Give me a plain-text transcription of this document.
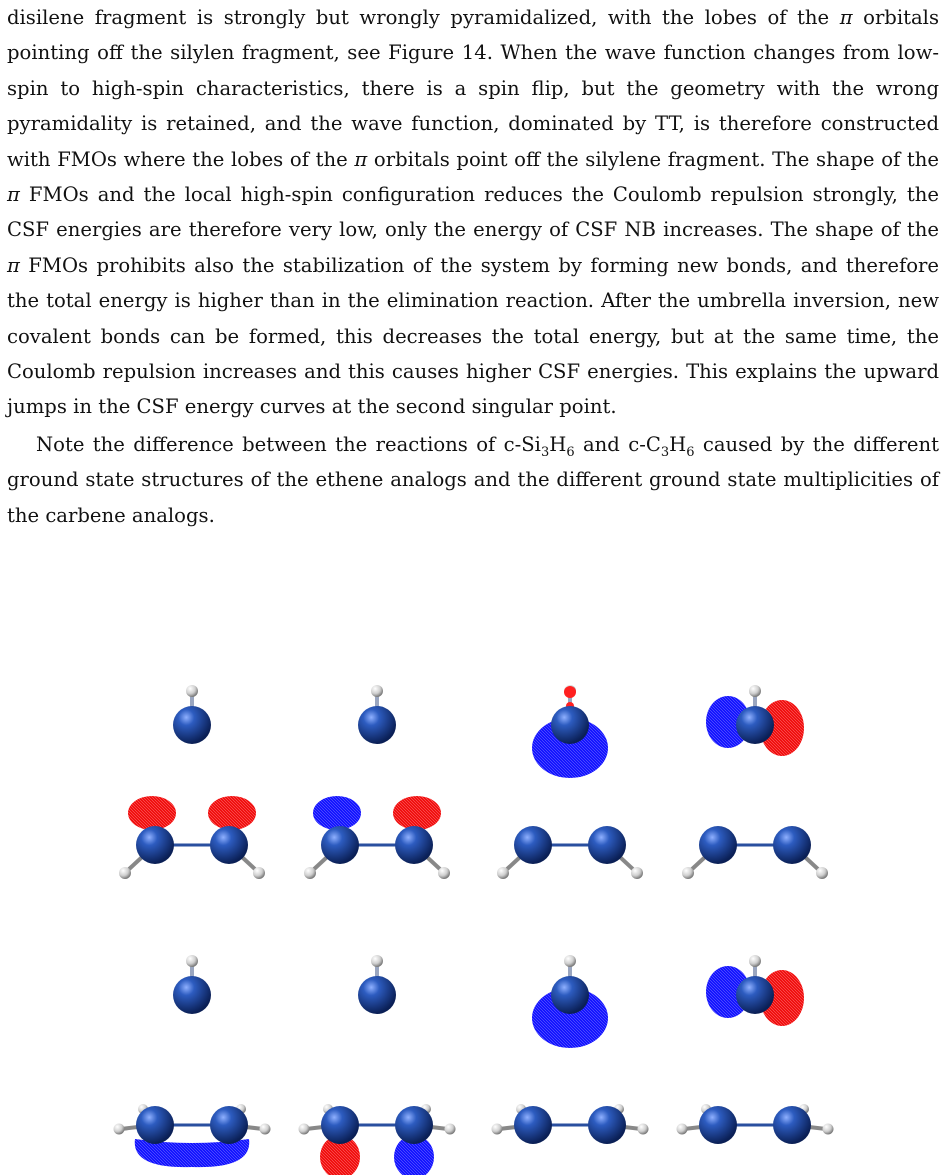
disilene fragment is strongly but wrongly pyramidalized, with the lobes of the π orbitals pointing off the silylen fragment, see Figure 14. When the wave function changes from low-spin to high-spin characteristics, there is a spin flip, but the geometry with the wrong pyramidality is retained, and the wave function, dominated by TT, is therefore constructed with FMOs where the lobes of the π orbitals point off the silylene fragment. The shape of the π FMOs and the local high-spin configuration reduces the Coulomb repulsion strongly, the CSF energies are therefore very low, only the energy of CSF NB increases. The shape of the π FMOs prohibits also the stabilization of the system by forming new bonds, and therefore the total energy is higher than in the elimination reaction. After the umbrella inversion, new covalent bonds can be formed, this decreases the total energy, but at the same time, the Coulomb repulsion increases and this causes higher CSF energies. This explains the upward jumps in the CSF energy curves at the second singular point.

Note the difference between the reactions of $c-Si_3H_6$ and $c-C_3H_6$ caused by the different ground state structures of the ethene analogs and the different ground state multiplicities of the carbene analogs.
